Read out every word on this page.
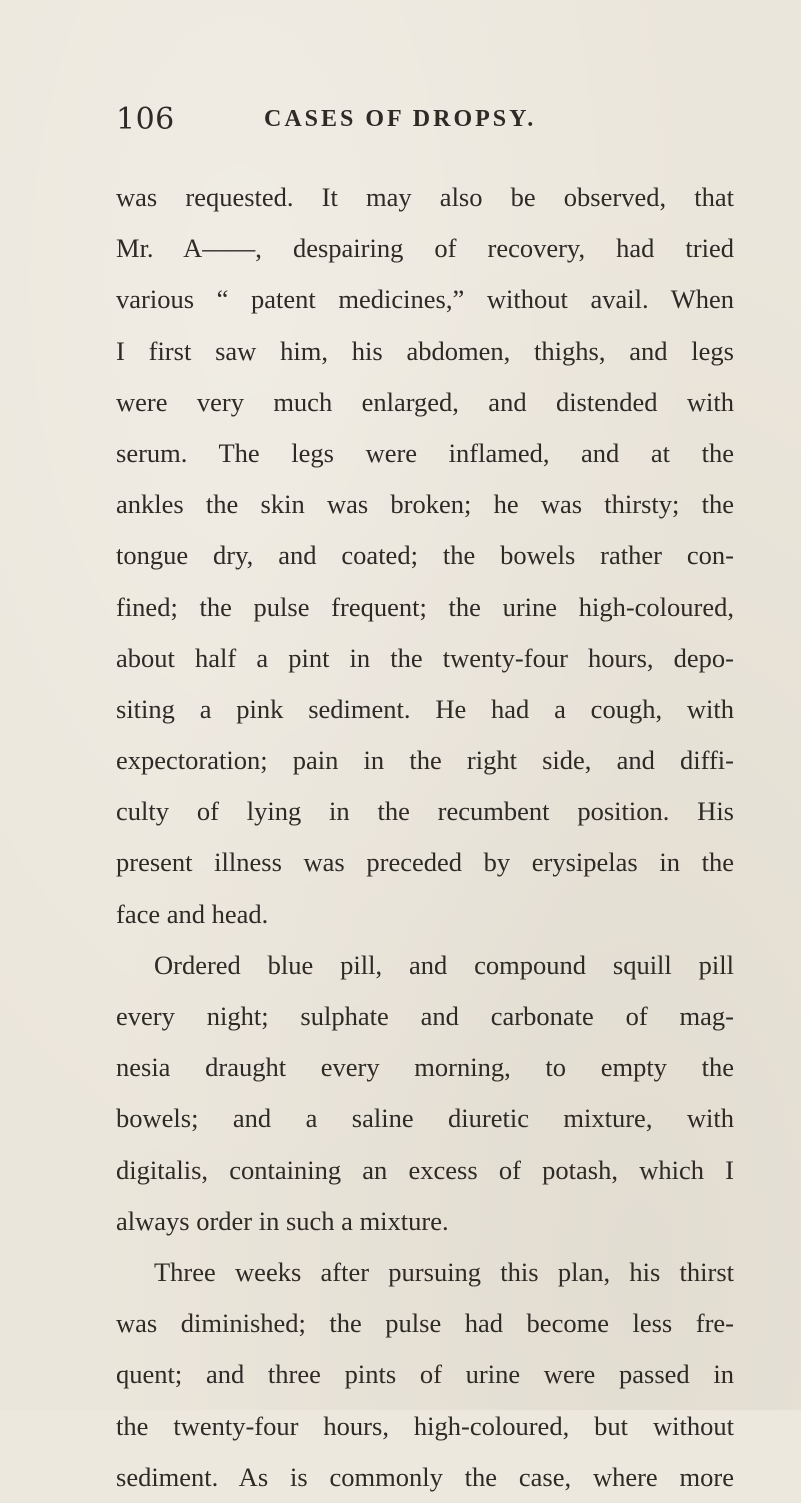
106	CASES OF DROPSY.
was requested. It may also be observed, that
Mr. A——, despairing of recovery, had tried
various “ patent medicines,” without avail. When
I first saw him, his abdomen, thighs, and legs
were very much enlarged, and distended with
serum. The legs were inflamed, and at the
ankles the skin was broken; he was thirsty; the
tongue dry, and coated; the bowels rather con-
fined; the pulse frequent; the urine high-coloured,
about half a pint in the twenty-four hours, depo-
siting a pink sediment. He had a cough, with
expectoration; pain in the right side, and diffi-
culty of lying in the recumbent position. His
present illness was preceded by erysipelas in the
face and head.
Ordered blue pill, and compound squill pill
every night; sulphate and carbonate of mag-
nesia draught every morning, to empty the
bowels; and a saline diuretic mixture, with
digitalis, containing an excess of potash, which I
always order in such a mixture.
Three weeks after pursuing this plan, his thirst
was diminished; the pulse had become less fre-
quent; and three pints of urine were passed in
the twenty-four hours, high-coloured, but without
sediment. As is commonly the case, where more
